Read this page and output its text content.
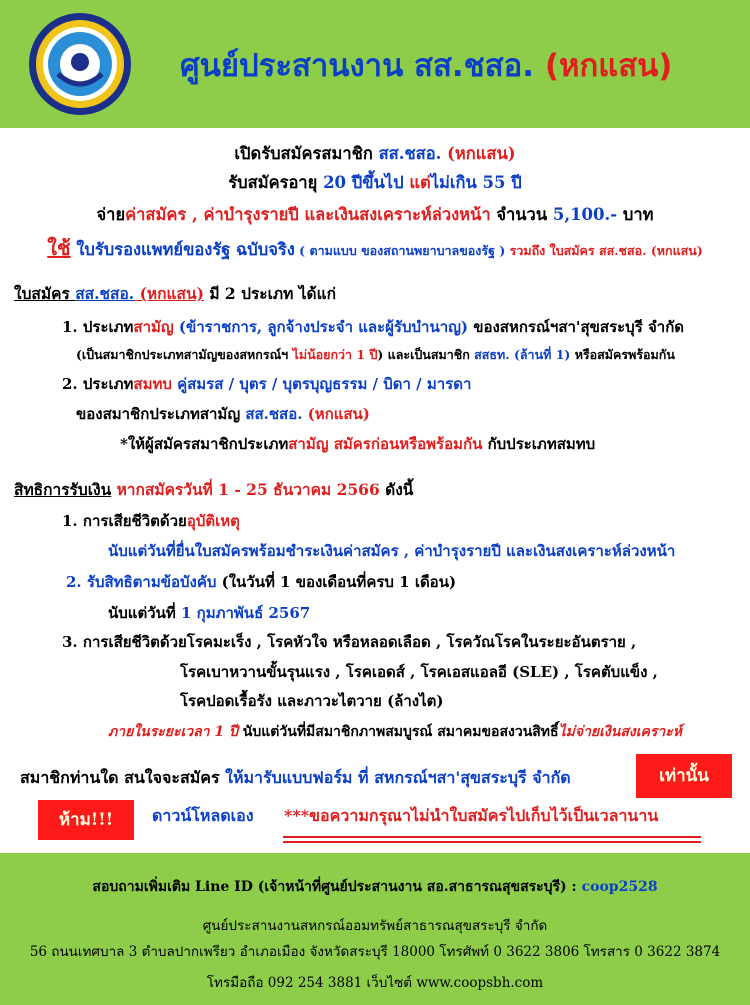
ศูนย์ประสานงาน สส.ชสอ. (หกแสน)
เปิดรับสมัครสมาชิก สส.ชสอ. (หกแสน)
รับสมัครอายุ 20 ปีขึ้นไป แต่ไม่เกิน 55 ปี
จ่ายค่าสมัคร , ค่าบำรุงรายปี และเงินสงเคราะห์ล่วงหน้า จำนวน 5,100.- บาท
ใช้ ใบรับรองแพทย์ของรัฐ ฉบับจริง ( ตามแบบ ของสถานพยาบาลของรัฐ ) รวมถึง ใบสมัคร สส.ชสอ. (หกแสน)
ใบสมัคร สส.ชสอ. (หกแสน) มี 2 ประเภท ได้แก่
1. ประเภทสามัญ (ข้าราชการ, ลูกจ้างประจำ และผู้รับบำนาญ) ของสหกรณ์ฯสา'สุขสระบุรี จำกัด
(เป็นสมาชิกประเภทสามัญของสหกรณ์ฯ ไม่น้อยกว่า 1 ปี) และเป็นสมาชิก สสธท. (ล้านที่ 1) หรือสมัครพร้อมกัน
2. ประเภทสมทบ คู่สมรส / บุตร / บุตรบุญธรรม / บิดา / มารดา
ของสมาชิกประเภทสามัญ สส.ชสอ. (หกแสน)
*ให้ผู้สมัครสมาชิกประเภทสามัญ สมัครก่อนหรือพร้อมกัน กับประเภทสมทบ
สิทธิการรับเงิน หากสมัครวันที่ 1 - 25 ธันวาคม 2566 ดังนี้
1. การเสียชีวิตด้วยอุบัติเหตุ
นับแต่วันที่ยื่นใบสมัครพร้อมชำระเงินค่าสมัคร , ค่าบำรุงรายปี และเงินสงเคราะห์ล่วงหน้า
2. รับสิทธิตามข้อบังคับ (ในวันที่ 1 ของเดือนที่ครบ 1 เดือน)
นับแต่วันที่ 1 กุมภาพันธ์ 2567
3. การเสียชีวิตด้วยโรคมะเร็ง , โรคหัวใจ หรือหลอดเลือด , โรควัณโรคในระยะอันตราย ,
โรคเบาหวานขั้นรุนแรง , โรคเอดส์ , โรคเอสแอลอี (SLE) , โรคตับแข็ง ,
โรคปอดเรื้อรัง และภาวะไตวาย (ล้างไต)
ภายในระยะเวลา 1 ปี นับแต่วันที่มีสมาชิกภาพสมบูรณ์ สมาคมขอสงวนสิทธิ์ไม่จ่ายเงินสงเคราะห์
สมาชิกท่านใด สนใจจะสมัคร ให้มารับแบบฟอร์ม ที่ สหกรณ์ฯสา'สุขสระบุรี จำกัด
ดาวน์โหลดเอง ***ขอความกรุณาไม่นำใบสมัครไปเก็บไว้เป็นเวลานาน
เท่านั้น
ห้าม!!!
สอบถามเพิ่มเติม Line ID (เจ้าหน้าที่ศูนย์ประสานงาน สอ.สาธารณสุขสระบุรี) : coop2528
ศูนย์ประสานงานสหกรณ์ออมทรัพย์สาธารณสุขสระบุรี จำกัด
56 ถนนเทศบาล 3 ตำบลปากเพรียว อำเภอเมือง จังหวัดสระบุรี 18000 โทรศัพท์ 0 3622 3806 โทรสาร 0 3622 3874
โทรมือถือ 092 254 3881 เว็บไซต์ www.coopsbh.com
